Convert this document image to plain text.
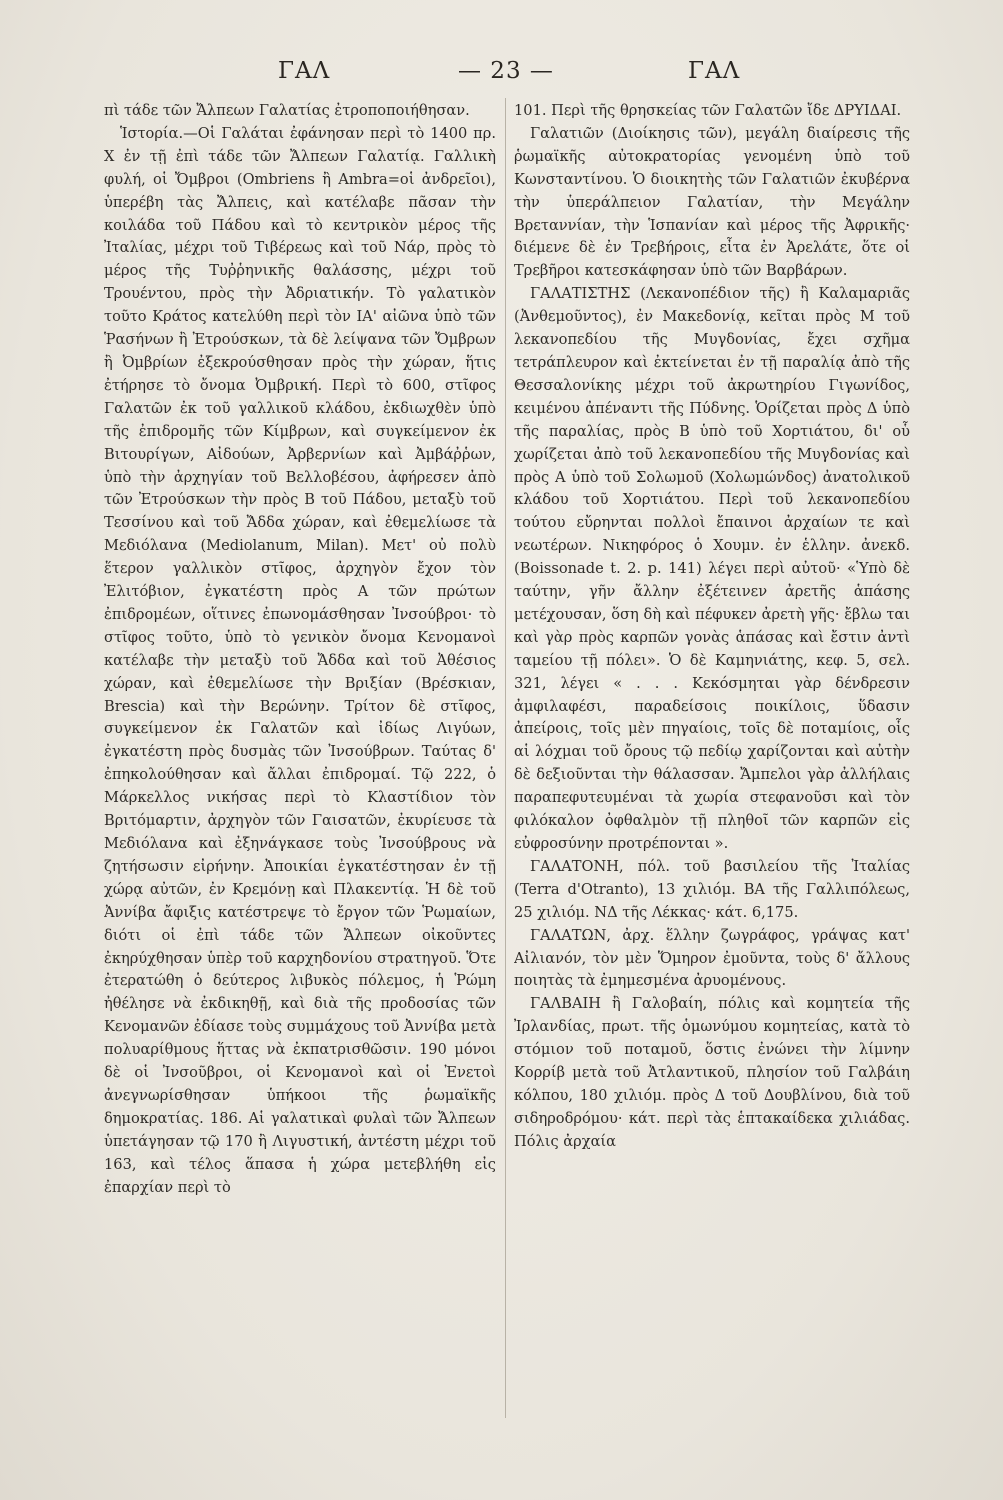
ΓΑΛ	— 23 —	ΓΑΛ

πὶ τάδε τῶν Ἄλπεων Γαλατίας ἐτροποποιήθησαν.

Ἱστορία.—Οἱ Γαλάται ἐφάνησαν περὶ τὸ 1400 πρ. Χ ἐν τῇ ἐπὶ τάδε τῶν Ἄλπεων Γαλατίᾳ. Γαλλικὴ φυλή, οἱ Ὄμβροι (Ombriens ἢ Ambra=οἱ ἀνδρεῖοι), ὑπερέβη τὰς Ἄλπεις, καὶ κατέλαβε πᾶσαν τὴν κοιλάδα τοῦ Πάδου καὶ τὸ κεντρικὸν μέρος τῆς Ἰταλίας, μέχρι τοῦ Τιβέρεως καὶ τοῦ Νάρ, πρὸς τὸ μέρος τῆς Τυῤῥηνικῆς θαλάσσης, μέχρι τοῦ Τρουέντου, πρὸς τὴν Ἀδριατικήν. Τὸ γαλατικὸν τοῦτο Κράτος κατελύθη περὶ τὸν ΙΑ' αἰῶνα ὑπὸ τῶν Ῥασήνων ἢ Ἐτρούσκων, τὰ δὲ λείψανα τῶν Ὄμβρων ἢ Ὀμβρίων ἐξεκρούσθησαν πρὸς τὴν χώραν, ἥτις ἐτήρησε τὸ ὄνομα Ὀμβρική. Περὶ τὸ 600, στῖφος Γαλατῶν ἐκ τοῦ γαλλικοῦ κλάδου, ἐκδιωχθὲν ὑπὸ τῆς ἐπιδρομῆς τῶν Κίμβρων, καὶ συγκείμενον ἐκ Βιτουρίγων, Αἰδούων, Ἀρβερνίων καὶ Ἀμβάῤῥων, ὑπὸ τὴν ἀρχηγίαν τοῦ Βελλοβέσου, ἀφήρεσεν ἀπὸ τῶν Ἐτρούσκων τὴν πρὸς Β τοῦ Πάδου, μεταξὺ τοῦ Τεσσίνου καὶ τοῦ Ἄδδα χώραν, καὶ ἐθεμελίωσε τὰ Μεδιόλανα (Mediolanum, Milan). Μετ' οὐ πολὺ ἕτερον γαλλικὸν στῖφος, ἀρχηγὸν ἔχον τὸν Ἐλιτόβιον, ἐγκατέστη πρὸς Α τῶν πρώτων ἐπιδρομέων, οἵτινες ἐπωνομάσθησαν Ἰνσούβροι· τὸ στῖφος τοῦτο, ὑπὸ τὸ γενικὸν ὄνομα Κενομανοὶ κατέλαβε τὴν μεταξὺ τοῦ Ἄδδα καὶ τοῦ Ἀθέσιος χώραν, καὶ ἐθεμελίωσε τὴν Βριξίαν (Βρέσκιαν, Brescia) καὶ τὴν Βερώνην. Τρίτον δὲ στῖφος, συγκείμενον ἐκ Γαλατῶν καὶ ἰδίως Λιγύων, ἐγκατέστη πρὸς δυσμὰς τῶν Ἰνσούβρων. Ταύτας δ' ἐπηκολούθησαν καὶ ἄλλαι ἐπιδρομαί. Τῷ 222, ὁ Μάρκελλος νικήσας περὶ τὸ Κλαστίδιον τὸν Βριτόμαρτιν, ἀρχηγὸν τῶν Γαισατῶν, ἐκυρίευσε τὰ Μεδιόλανα καὶ ἐξηνάγκασε τοὺς Ἰνσούβρους νὰ ζητήσωσιν εἰρήνην. Ἀποικίαι ἐγκατέστησαν ἐν τῇ χώρᾳ αὐτῶν, ἐν Κρεμόνῃ καὶ Πλακεντίᾳ. Ἡ δὲ τοῦ Ἀννίβα ἄφιξις κατέστρεψε τὸ ἔργον τῶν Ῥωμαίων, διότι οἱ ἐπὶ τάδε τῶν Ἄλπεων οἰκοῦντες ἐκηρύχθησαν ὑπὲρ τοῦ καρχηδονίου στρατηγοῦ. Ὅτε ἐτερατώθη ὁ δεύτερος λιβυκὸς πόλεμος, ἡ Ῥώμη ἠθέλησε νὰ ἐκδικηθῇ, καὶ διὰ τῆς προδοσίας τῶν Κενομανῶν ἐδίασε τοὺς συμμάχους τοῦ Ἀννίβα μετὰ πολυαρίθμους ἥττας νὰ ἐκπατρισθῶσιν. 190 μόνοι δὲ οἱ Ἰνσοῦβροι, οἱ Κενομανοὶ καὶ οἱ Ἐνετοὶ ἀνεγνωρίσθησαν ὑπήκοοι τῆς ῥωμαϊκῆς δημοκρατίας. 186. Αἱ γαλατικαὶ φυλαὶ τῶν Ἄλπεων ὑπετάγησαν τῷ 170 ἢ Λιγυστική, ἀντέστη μέχρι τοῦ 163, καὶ τέλος ἅπασα ἡ χώρα μετεβλήθη εἰς ἐπαρχίαν περὶ τὸ

101. Περὶ τῆς θρησκείας τῶν Γαλατῶν ἴδε ΔΡΥΙΔΑΙ.

Γαλατιῶν (Διοίκησις τῶν), μεγάλη διαίρεσις τῆς ῥωμαϊκῆς αὐτοκρατορίας γενομένη ὑπὸ τοῦ Κωνσταντίνου. Ὁ διοικητὴς τῶν Γαλατιῶν ἐκυβέρνα τὴν ὑπεράλπειον Γαλατίαν, τὴν Μεγάλην Βρεταννίαν, τὴν Ἱσπανίαν καὶ μέρος τῆς Ἀφρικῆς· διέμενε δὲ ἐν Τρεβήροις, εἶτα ἐν Ἀρελάτε, ὅτε οἱ Τρεβῆροι κατεσκάφησαν ὑπὸ τῶν Βαρβάρων.

ΓΑΛΑΤΙΣΤΗΣ (Λεκανοπέδιον τῆς) ἢ Καλαμαριᾶς (Ἀνθεμοῦντος), ἐν Μακεδονίᾳ, κεῖται πρὸς Μ τοῦ λεκανοπεδίου τῆς Μυγδονίας, ἔχει σχῆμα τετράπλευρον καὶ ἐκτείνεται ἐν τῇ παραλίᾳ ἀπὸ τῆς Θεσσαλονίκης μέχρι τοῦ ἀκρωτηρίου Γιγωνίδος, κειμένου ἀπέναντι τῆς Πύδνης. Ὁρίζεται πρὸς Δ ὑπὸ τῆς παραλίας, πρὸς Β ὑπὸ τοῦ Χορτιάτου, δι' οὗ χωρίζεται ἀπὸ τοῦ λεκανοπεδίου τῆς Μυγδονίας καὶ πρὸς Α ὑπὸ τοῦ Σολωμοῦ (Χολωμώνδος) ἀνατολικοῦ κλάδου τοῦ Χορτιάτου. Περὶ τοῦ λεκανοπεδίου τούτου εὔρηνται πολλοὶ ἔπαινοι ἀρχαίων τε καὶ νεωτέρων. Νικηφόρος ὁ Χουμν. ἐν ἑλλην. ἀνεκδ. (Boissonade t. 2. p. 141) λέγει περὶ αὐτοῦ· «Ὑπὸ δὲ ταύτην, γῆν ἄλλην ἐξέτεινεν ἀρετῆς ἁπάσης μετέχουσαν, ὅση δὴ καὶ πέφυκεν ἀρετὴ γῆς· ἔβλω ται καὶ γὰρ πρὸς καρπῶν γονὰς ἁπάσας καὶ ἔστιν ἀντὶ ταμείου τῇ πόλει». Ὁ δὲ Καμηνιάτης, κεφ. 5, σελ. 321, λέγει « . . . Κεκόσμηται γὰρ δένδρεσιν ἀμφιλαφέσι, παραδείσοις ποικίλοις, ὕδασιν ἀπείροις, τοῖς μὲν πηγαίοις, τοῖς δὲ ποταμίοις, οἷς αἱ λόχμαι τοῦ ὄρους τῷ πεδίῳ χαρίζονται καὶ αὐτὴν δὲ δεξιοῦνται τὴν θάλασσαν. Ἄμπελοι γὰρ ἀλλήλαις παραπεφυτευμέναι τὰ χωρία στεφανοῦσι καὶ τὸν φιλόκαλον ὀφθαλμὸν τῇ πληθοῖ τῶν καρπῶν εἰς εὐφροσύνην προτρέπονται ».

ΓΑΛΑΤΟΝΗ, πόλ. τοῦ βασιλείου τῆς Ἰταλίας (Terra d'Otranto), 13 χιλιόμ. ΒΑ τῆς Γαλλιπόλεως, 25 χιλιόμ. ΝΔ τῆς Λέκκας· κάτ. 6,175.

ΓΑΛΑΤΩΝ, ἀρχ. ἕλλην ζωγράφος, γράψας κατ' Αἰλιανόν, τὸν μὲν Ὅμηρον ἐμοῦντα, τοὺς δ' ἄλλους ποιητὰς τὰ ἐμημεσμένα ἀρυομένους.

ΓΑΛΒΑΙΗ ἢ Γαλοβαίη, πόλις καὶ κομητεία τῆς Ἰρλανδίας, πρωτ. τῆς ὁμωνύμου κομητείας, κατὰ τὸ στόμιον τοῦ ποταμοῦ, ὅστις ἐνώνει τὴν λίμνην Κορρίβ μετὰ τοῦ Ἀτλαντικοῦ, πλησίον τοῦ Γαλβάιη κόλπου, 180 χιλιόμ. πρὸς Δ τοῦ Δουβλίνου, διὰ τοῦ σιδηροδρόμου· κάτ. περὶ τὰς ἑπτακαίδεκα χιλιάδας. Πόλις ἀρχαία
